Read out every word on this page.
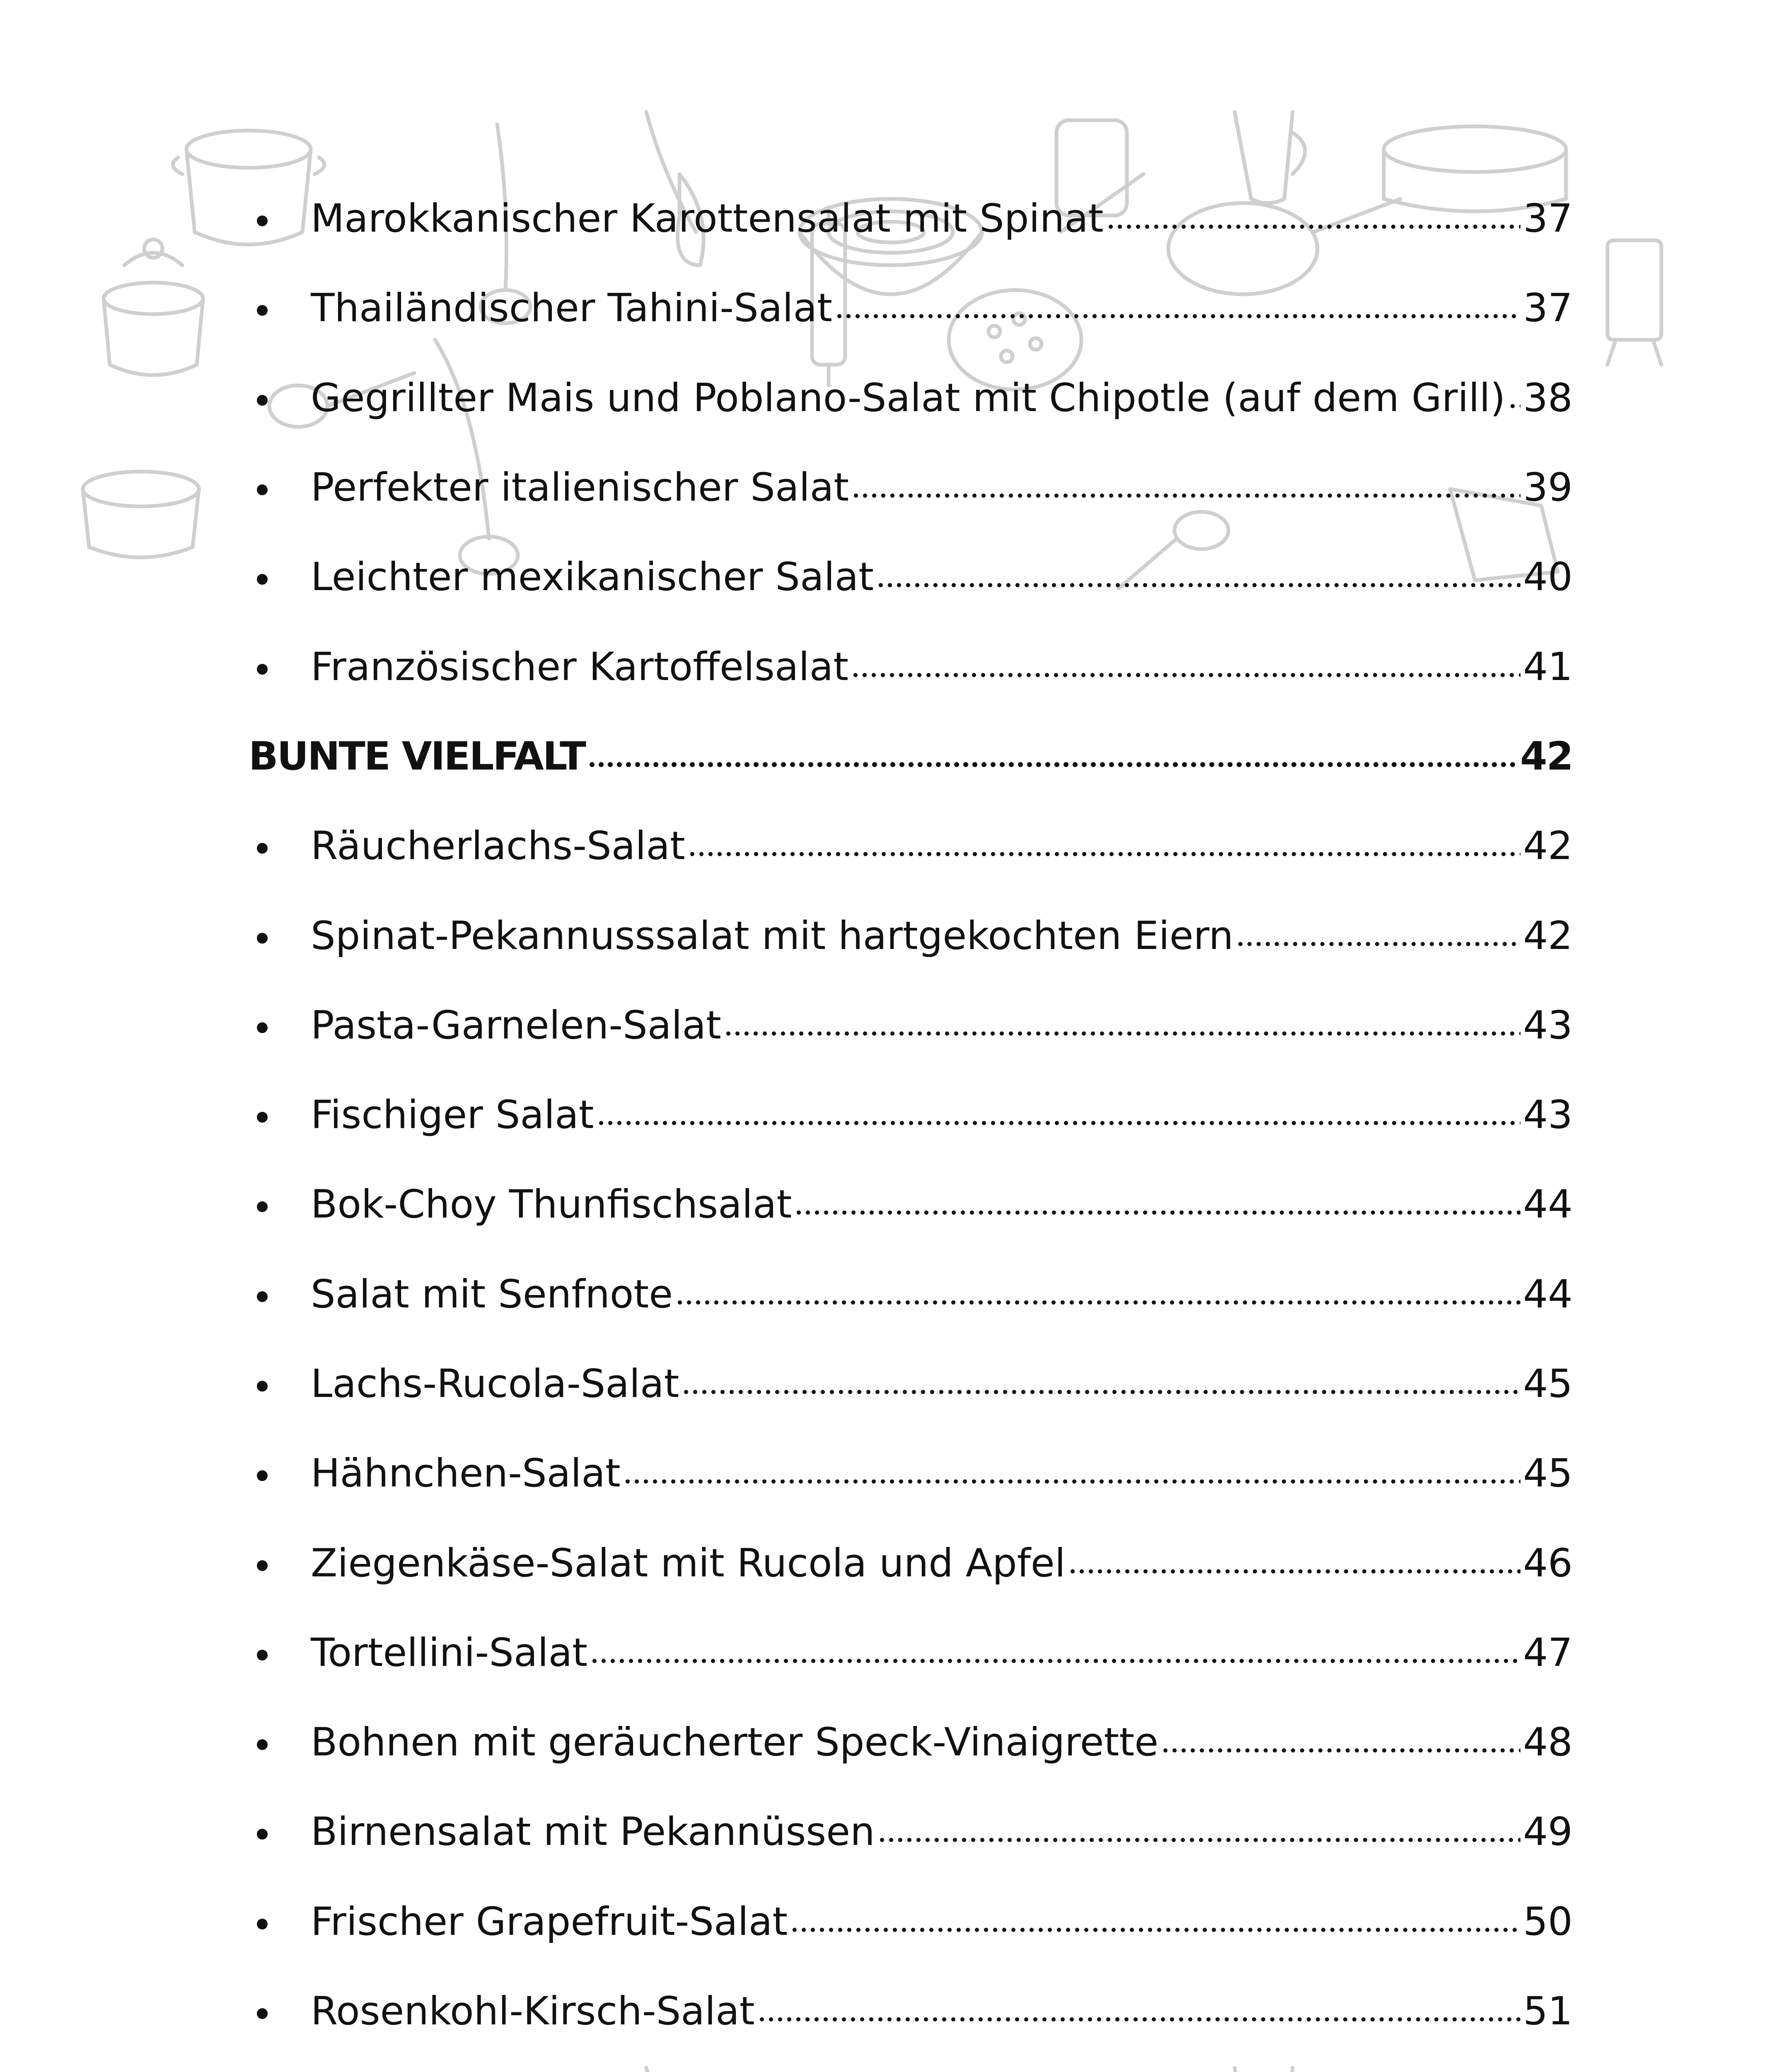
Marokkanischer Karottensalat mit Spinat	37
Thailändischer Tahini-Salat	37
Gegrillter Mais und Poblano-Salat mit Chipotle (auf dem Grill) 38
Perfekter italienischer Salat	39
Leichter mexikanischer Salat	40
Französischer Kartoffelsalat	41
BUNTE VIELFALT	42
Räucherlachs-Salat	42
Spinat-Pekannusssalat mit hartgekochten Eiern	42
Pasta-Garnelen-Salat	43
Fischiger Salat	43
Bok-Choy Thunfischsalat	44
Salat mit Senfnote	44
Lachs-Rucola-Salat	45
Hähnchen-Salat	45
Ziegenkäse-Salat mit Rucola und Apfel	46
Tortellini-Salat	47
Bohnen mit geräucherter Speck-Vinaigrette	48
Birnensalat mit Pekannüssen	49
Frischer Grapefruit-Salat	50
Rosenkohl-Kirsch-Salat	51
